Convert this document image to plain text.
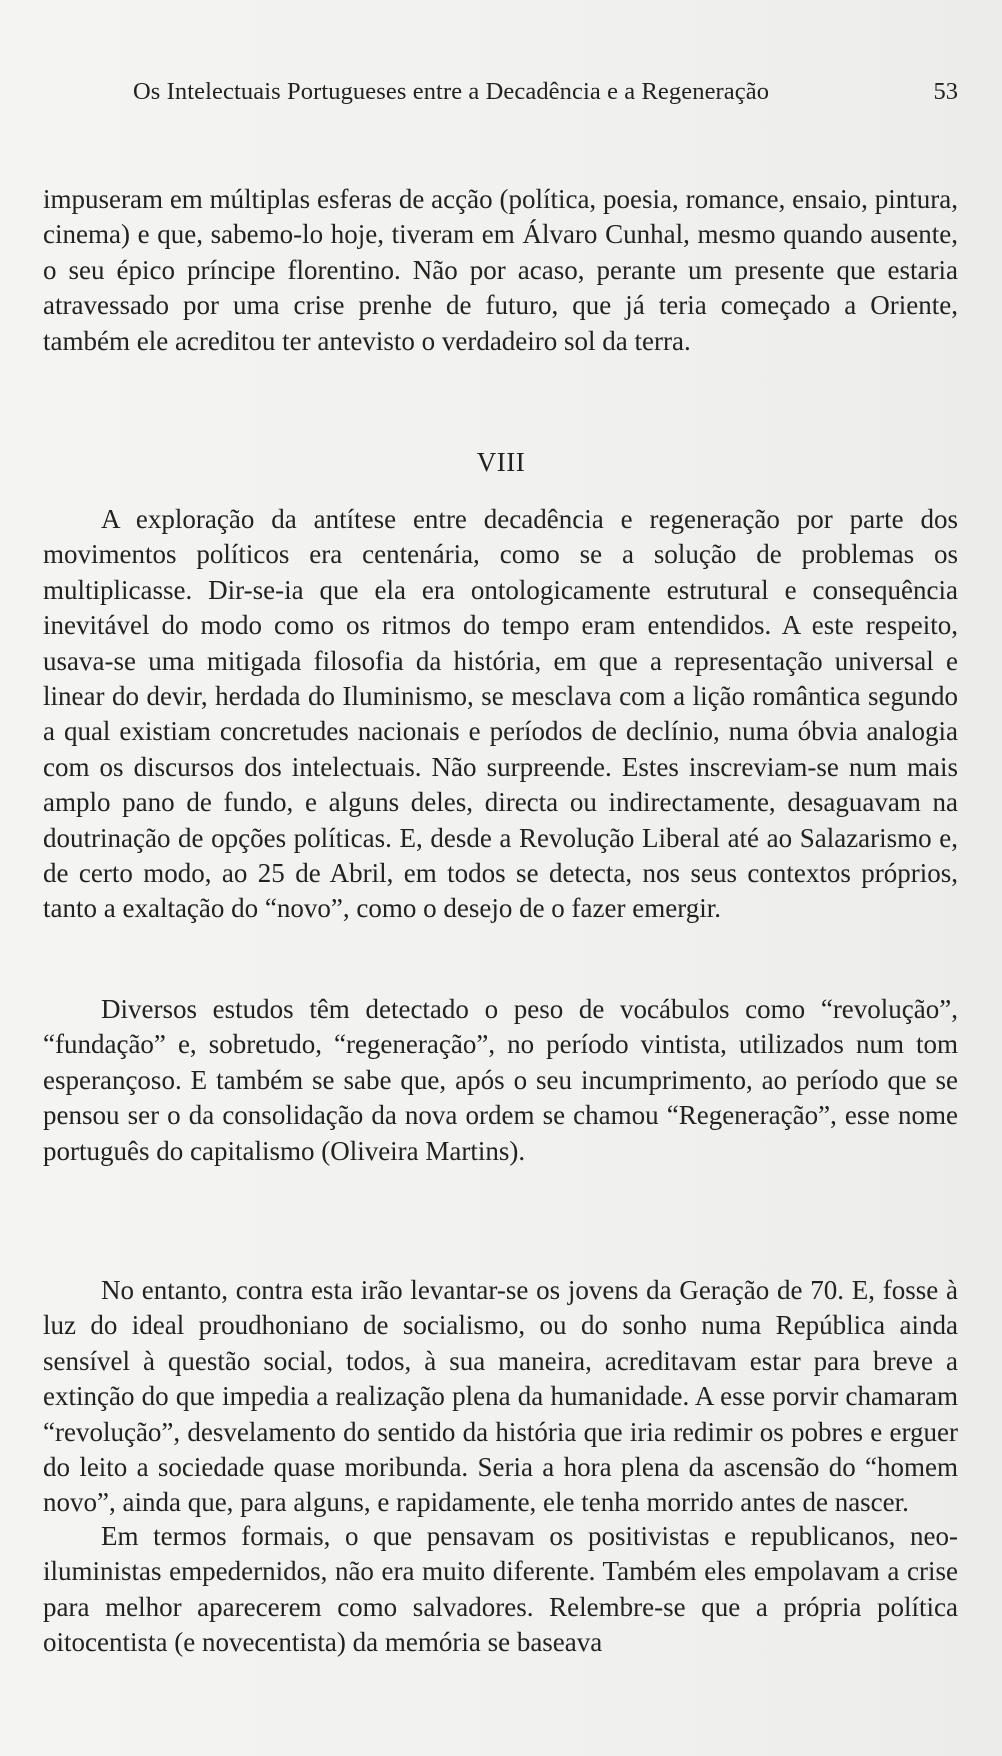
Os Intelectuais Portugueses entre a Decadência e a Regeneração	53

impuseram em múltiplas esferas de acção (política, poesia, romance, ensaio, pintura, cinema) e que, sabemo-lo hoje, tiveram em Álvaro Cunhal, mesmo quando ausente, o seu épico príncipe florentino. Não por acaso, perante um presente que estaria atravessado por uma crise prenhe de futuro, que já teria começado a Oriente, também ele acreditou ter antevisto o verdadeiro sol da terra.

VIII

A exploração da antítese entre decadência e regeneração por parte dos movimentos políticos era centenária, como se a solução de problemas os multiplicasse. Dir-se-ia que ela era ontologicamente estrutural e consequência inevitável do modo como os ritmos do tempo eram entendidos. A este respeito, usava-se uma mitigada filosofia da história, em que a representação universal e linear do devir, herdada do Iluminismo, se mesclava com a lição romântica segundo a qual existiam concretudes nacionais e períodos de declínio, numa óbvia analogia com os discursos dos intelectuais. Não surpreende. Estes inscreviam-se num mais amplo pano de fundo, e alguns deles, directa ou indirectamente, desaguavam na doutrinação de opções políticas. E, desde a Revolução Liberal até ao Salazarismo e, de certo modo, ao 25 de Abril, em todos se detecta, nos seus contextos próprios, tanto a exaltação do “novo”, como o desejo de o fazer emergir.

Diversos estudos têm detectado o peso de vocábulos como “revolução”, “fundação” e, sobretudo, “regeneração”, no período vintista, utilizados num tom esperançoso. E também se sabe que, após o seu incumprimento, ao período que se pensou ser o da consolidação da nova ordem se chamou “Regeneração”, esse nome português do capitalismo (Oliveira Martins).

No entanto, contra esta irão levantar-se os jovens da Geração de 70. E, fosse à luz do ideal proudhoniano de socialismo, ou do sonho numa República ainda sensível à questão social, todos, à sua maneira, acreditavam estar para breve a extinção do que impedia a realização plena da humanidade. A esse porvir chamaram “revolução”, desvelamento do sentido da história que iria redimir os pobres e erguer do leito a sociedade quase moribunda. Seria a hora plena da ascensão do “homem novo”, ainda que, para alguns, e rapidamente, ele tenha morrido antes de nascer.

Em termos formais, o que pensavam os positivistas e republicanos, neo-iluministas empedernidos, não era muito diferente. Também eles empolavam a crise para melhor aparecerem como salvadores. Relembre-se que a própria política oitocentista (e novecentista) da memória se baseava
